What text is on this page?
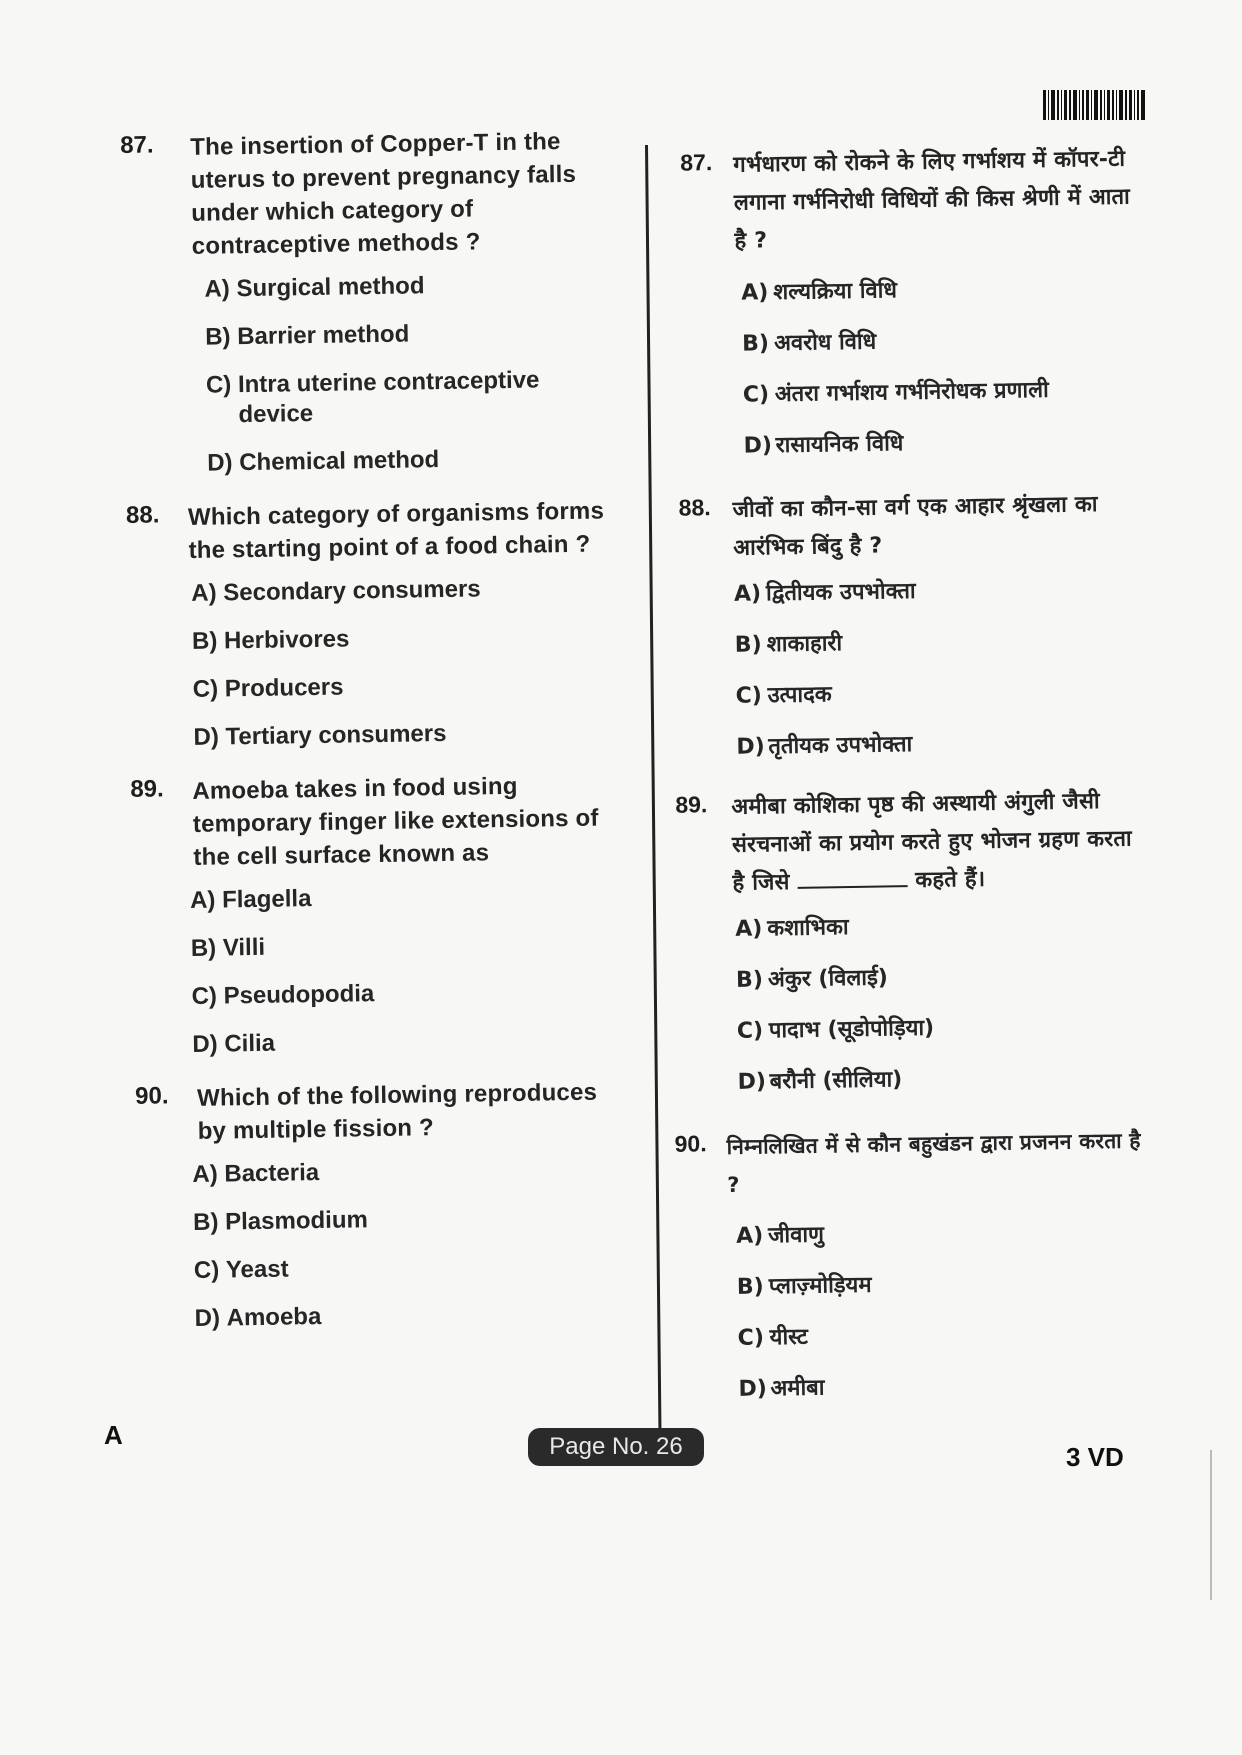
87. The insertion of Copper-T in the uterus to prevent pregnancy falls under which category of contraceptive methods ?
A) Surgical method
B) Barrier method
C) Intra uterine contraceptive device
D) Chemical method
88. Which category of organisms forms the starting point of a food chain ?
A) Secondary consumers
B) Herbivores
C) Producers
D) Tertiary consumers
89. Amoeba takes in food using temporary finger like extensions of the cell surface known as
A) Flagella
B) Villi
C) Pseudopodia
D) Cilia
90. Which of the following reproduces by multiple fission ?
A) Bacteria
B) Plasmodium
C) Yeast
D) Amoeba
87. गर्भधारण को रोकने के लिए गर्भाशय में कॉपर-टी लगाना गर्भनिरोधी विधियों की किस श्रेणी में आता है ?
A) शल्यक्रिया विधि
B) अवरोध विधि
C) अंतरा गर्भाशय गर्भनिरोधक प्रणाली
D) रासायनिक विधि
88. जीवों का कौन-सा वर्ग एक आहार श्रृंखला का आरंभिक बिंदु है ?
A) द्वितीयक उपभोक्ता
B) शाकाहारी
C) उत्पादक
D) तृतीयक उपभोक्ता
89. अमीबा कोशिका पृष्ठ की अस्थायी अंगुली जैसी संरचनाओं का प्रयोग करते हुए भोजन ग्रहण करता है जिसे	कहते हैं।
A) कशाभिका
B) अंकुर (विलाई)
C) पादाभ (सूडोपोड़िया)
D) बरौनी (सीलिया)
90. निम्नलिखित में से कौन बहुखंडन द्वारा प्रजनन करता है ?
A) जीवाणु
B) प्लाज़्मोड़ियम
C) यीस्ट
D) अमीबा
A	Page No. 26	3 VD
